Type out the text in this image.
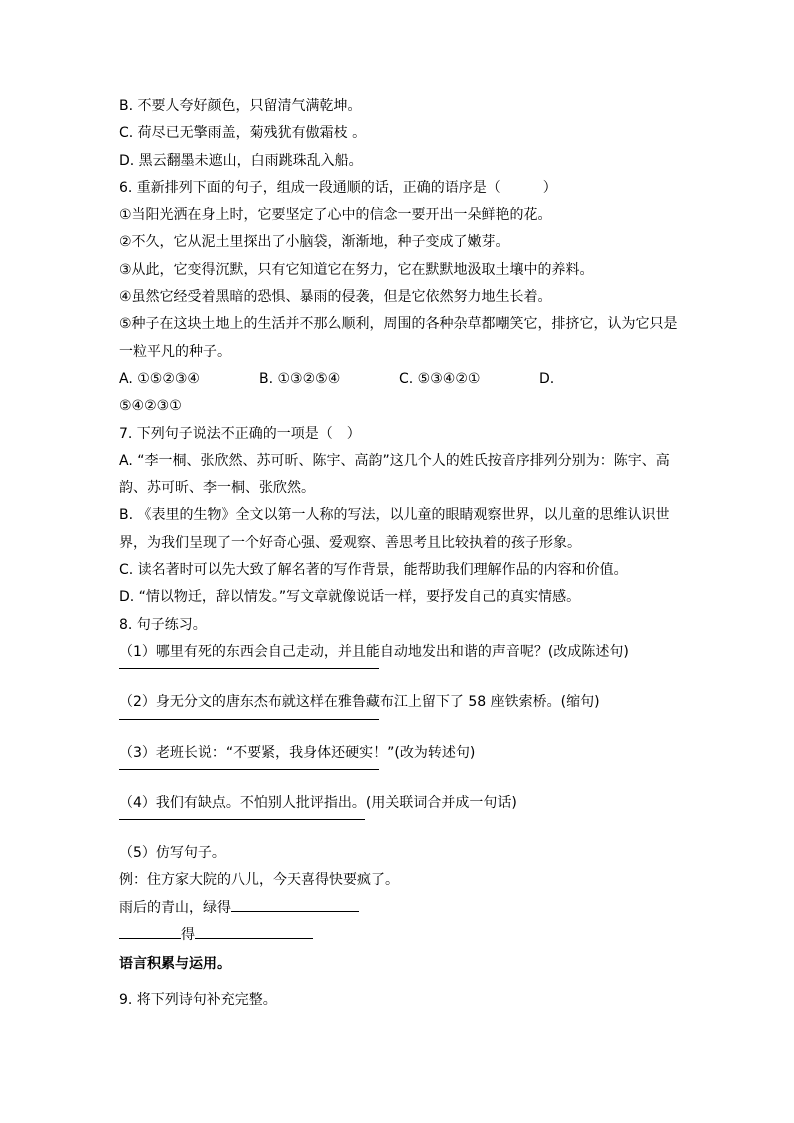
B. 不要人夸好颜色，只留清气满乾坤。
C. 荷尽已无擎雨盖，菊残犹有傲霜枝 。
D. 黑云翻墨未遮山，白雨跳珠乱入船。
6. 重新排列下面的句子，组成一段通顺的话，正确的语序是（　　　）
①当阳光洒在身上时，它要坚定了心中的信念一要开出一朵鲜艳的花。
②不久，它从泥土里探出了小脑袋，渐渐地，种子变成了嫩芽。
③从此，它变得沉默，只有它知道它在努力，它在默默地汲取土壤中的养料。
④虽然它经受着黑暗的恐惧、暴雨的侵袭，但是它依然努力地生长着。
⑤种子在这块土地上的生活并不那么顺利，周围的各种杂草都嘲笑它，排挤它，认为它只是一粒平凡的种子。
A. ①⑤②③④	B. ①③②⑤④	C. ⑤③④②①	D.
⑤④②③①
7. 下列句子说法不正确的一项是（　）
A. “李一桐、张欣然、苏可昕、陈宇、高韵”这几个人的姓氏按音序排列分别为：陈宇、高韵、苏可昕、李一桐、张欣然。
B. 《表里的生物》全文以第一人称的写法，以儿童的眼睛观察世界，以儿童的思维认识世界，为我们呈现了一个好奇心强、爱观察、善思考且比较执着的孩子形象。
C. 读名著时可以先大致了解名著的写作背景，能帮助我们理解作品的内容和价值。
D. “情以物迁，辞以情发。”写文章就像说话一样，要抒发自己的真实情感。
8. 句子练习。
（1）哪里有死的东西会自己走动，并且能自动地发出和谐的声音呢？(改成陈述句)
（2）身无分文的唐东杰布就这样在雅鲁藏布江上留下了 58 座铁索桥。(缩句)
（3）老班长说：“不要紧，我身体还硬实！”(改为转述句)
（4）我们有缺点。不怕别人批评指出。(用关联词合并成一句话)
（5）仿写句子。
例：住方家大院的八儿，今天喜得快要疯了。
雨后的青山，绿得
得
语言积累与运用。
9. 将下列诗句补充完整。
